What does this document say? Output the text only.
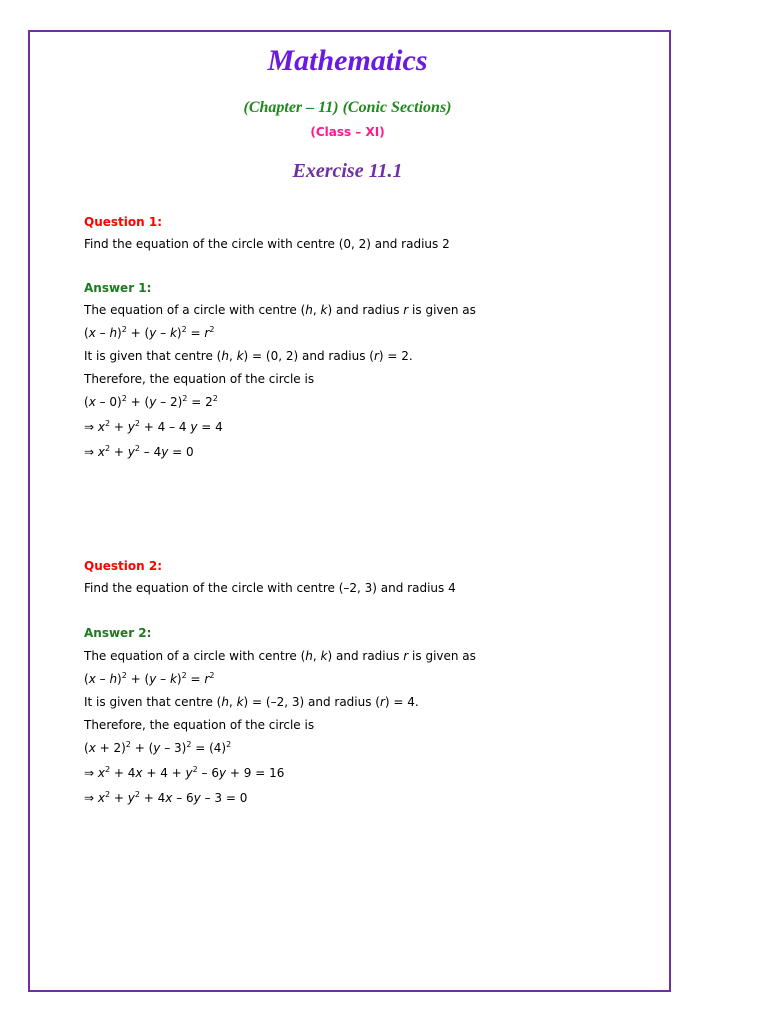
Mathematics
(Chapter – 11) (Conic Sections)
(Class – XI)
Exercise 11.1
Question 1:
Find the equation of the circle with centre (0, 2) and radius 2
Answer 1:
The equation of a circle with centre (h, k) and radius r is given as
$(x - h)^2 + (y - k)^2 = r^2$
It is given that centre (h, k) = (0, 2) and radius (r) = 2.
Therefore, the equation of the circle is
$(x - 0)^2 + (y - 2)^2 = 2^2$
⇒ $x^2 + y^2 + 4 - 4$ y = 4
⇒ $x^2 + y^2 - 4y = 0$
Question 2:
Find the equation of the circle with centre (–2, 3) and radius 4
Answer 2:
The equation of a circle with centre (h, k) and radius r is given as
$(x - h)^2 + (y - k)^2 = r^2$
It is given that centre (h, k) = (–2, 3) and radius (r) = 4.
Therefore, the equation of the circle is
$(x + 2)^2 + (y - 3)^2 = (4)^2$
⇒ $x^2 + 4x + 4 + y^2 - 6y + 9 = 16$
⇒ $x^2 + y^2 + 4x - 6y - 3 = 0$
